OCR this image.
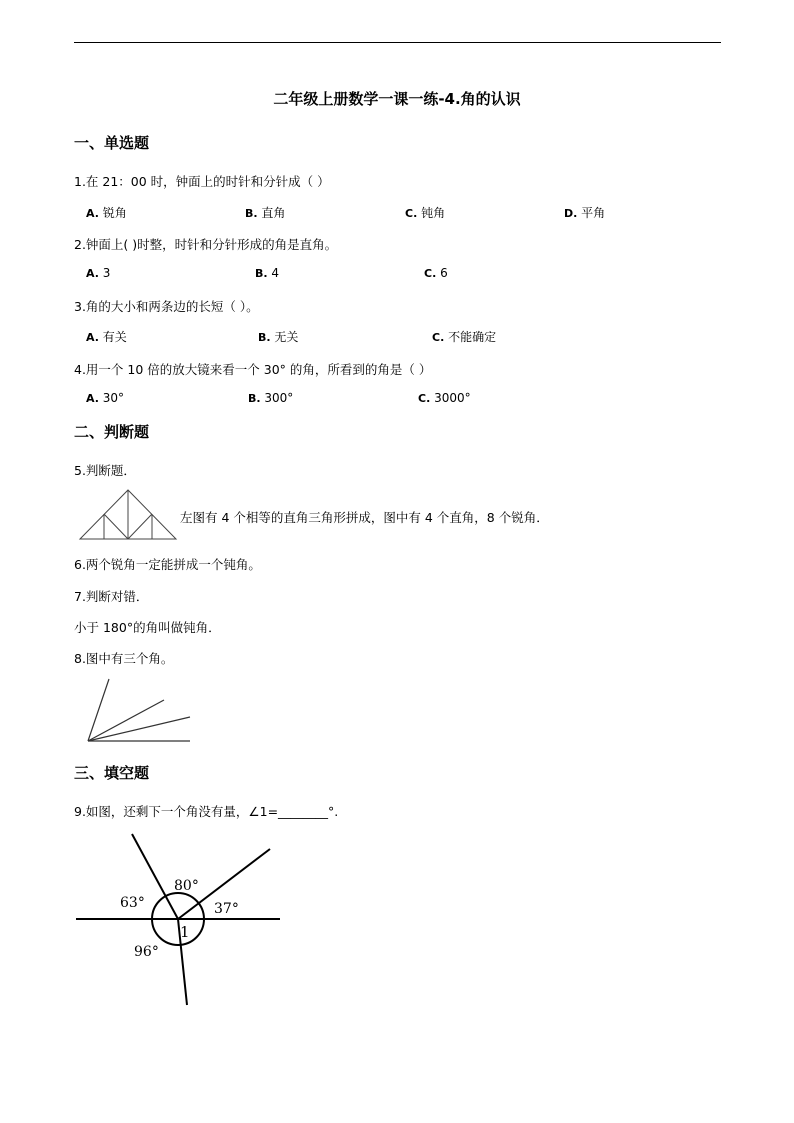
二年级上册数学一课一练-4.角的认识
一、单选题
1.在 21：00 时，钟面上的时针和分针成（ ）
A. 锐角	B. 直角	C. 钝角	D. 平角
2.钟面上( )时整，时针和分针形成的角是直角。
A. 3	B. 4	C. 6
3.角的大小和两条边的长短（ ）。
A. 有关	B. 无关	C. 不能确定
4.用一个 10 倍的放大镜来看一个 30° 的角，所看到的角是（ ）
A. 30°	B. 300°	C. 3000°
二、判断题
5.判断题．
左图有 4 个相等的直角三角形拼成，图中有 4 个直角，8 个锐角．
6.两个锐角一定能拼成一个钝角。
7.判断对错．
小于 180°的角叫做钝角．
8.图中有三个角。
三、填空题
9.如图，还剩下一个角没有量，∠1=________°.
63°
80°
37°
96°
1
